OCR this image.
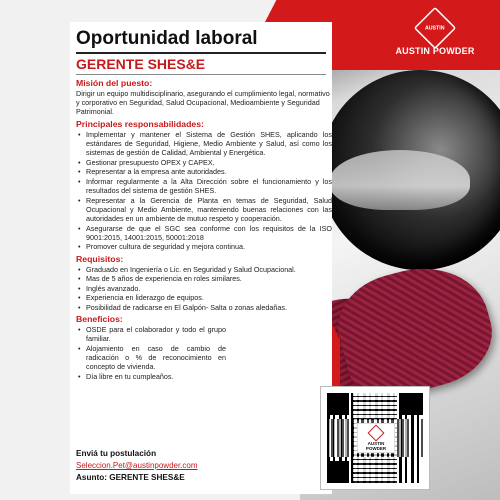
AUSTIN
AUSTIN POWDER
Oportunidad laboral
GERENTE SHES&E
Misión del puesto:
Dirigir un equipo multidisciplinario, asegurando el cumplimiento legal, normativo y corporativo en Seguridad, Salud Ocupacional, Medioambiente y Seguridad Patrimonial.
Principales responsabilidades:
• Implementar y mantener el Sistema de Gestión SHES, aplicando los estándares de Seguridad, Higiene, Medio Ambiente y Salud, así como los sistemas de gestión de Calidad, Ambiental y Energética.
• Gestionar presupuesto OPEX y CAPEX.
• Representar a la empresa ante autoridades.
• Informar regularmente a la Alta Dirección sobre el funcionamiento y los resultados del sistema de gestión SHES.
• Representar a la Gerencia de Planta en temas de Seguridad, Salud Ocupacional y Medio Ambiente, manteniendo buenas relaciones con las autoridades en un ambiente de mutuo respeto y cooperación.
• Asegurarse de que el SGC sea conforme con los requisitos de la ISO 9001:2015, 14001:2015, 50001:2018
• Promover cultura de seguridad y mejora continua.
Requisitos:
• Graduado en Ingeniería o Lic. en Seguridad y Salud Ocupacional.
• Mas de 5 años de experiencia en roles similares.
• Inglés avanzado.
• Experiencia en liderazgo de equipos.
• Posibilidad de radicarse en El Galpón- Salta o zonas aledañas.
Beneficios:
• OSDE para el colaborador y todo el grupo familiar.
• Alojamiento en caso de cambio de radicación o % de reconocimiento en concepto de vivienda.
• Día libre en tu cumpleaños.
Enviá tu postulación
Seleccion.Pet@austinpowder.com
Asunto: GERENTE SHES&E
AUSTIN POWDER
